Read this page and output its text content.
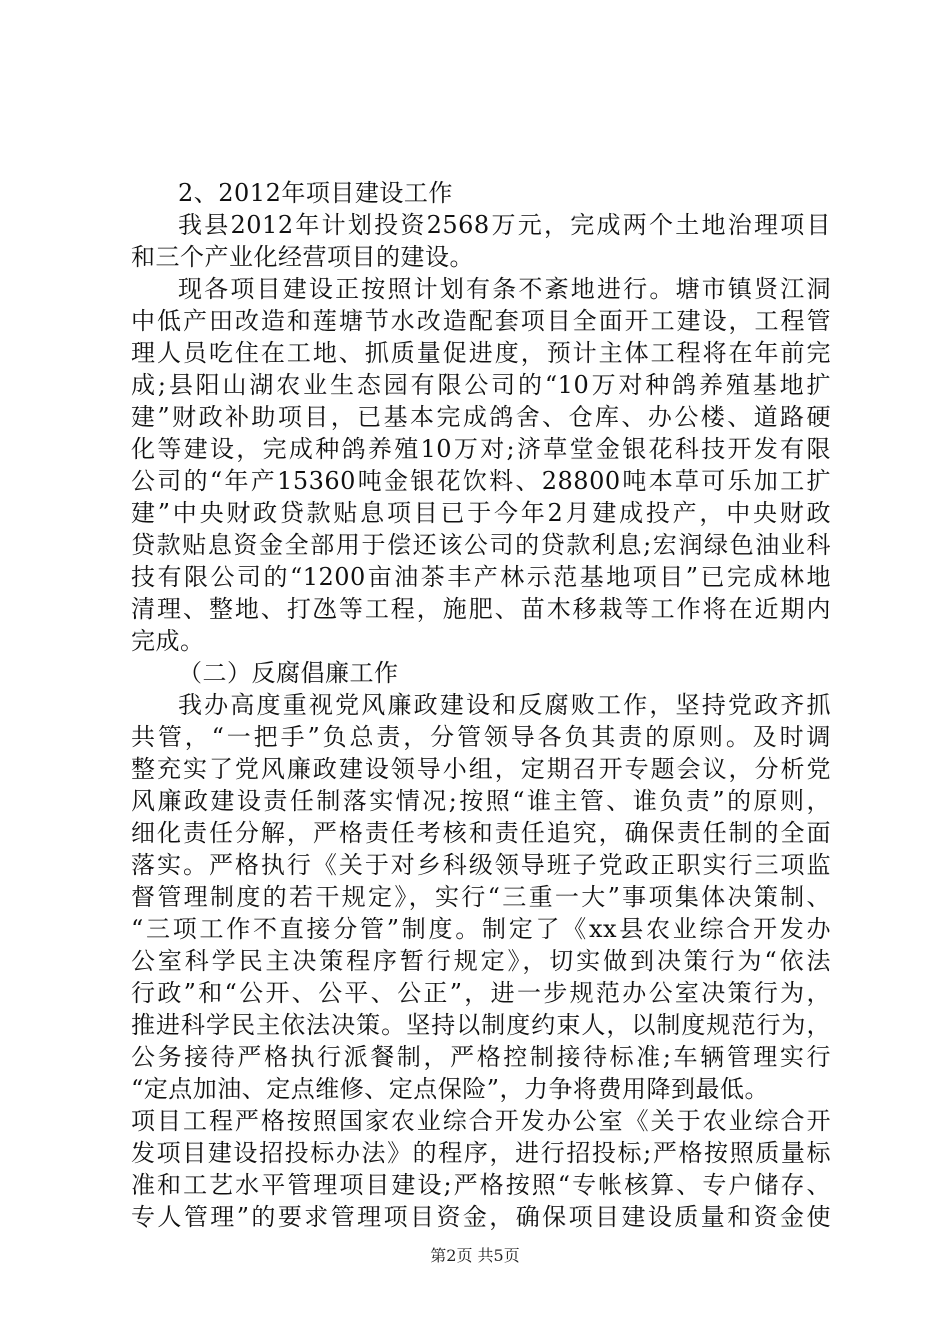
2、2012年项目建设工作
我县2012年计划投资2568万元，完成两个土地治理项目
和三个产业化经营项目的建设。
现各项目建设正按照计划有条不紊地进行。塘市镇贤江洞
中低产田改造和莲塘节水改造配套项目全面开工建设，工程管
理人员吃住在工地、抓质量促进度，预计主体工程将在年前完
成;县阳山湖农业生态园有限公司的“10万对种鸽养殖基地扩
建”财政补助项目，已基本完成鸽舍、仓库、办公楼、道路硬
化等建设，完成种鸽养殖10万对;济草堂金银花科技开发有限
公司的“年产15360吨金银花饮料、28800吨本草可乐加工扩
建”中央财政贷款贴息项目已于今年2月建成投产，中央财政
贷款贴息资金全部用于偿还该公司的贷款利息;宏润绿色油业科
技有限公司的“1200亩油茶丰产林示范基地项目”已完成林地
清理、整地、打氹等工程，施肥、苗木移栽等工作将在近期内
完成。
（二）反腐倡廉工作
我办高度重视党风廉政建设和反腐败工作，坚持党政齐抓
共管，“一把手”负总责，分管领导各负其责的原则。及时调
整充实了党风廉政建设领导小组，定期召开专题会议，分析党
风廉政建设责任制落实情况;按照“谁主管、谁负责”的原则，
细化责任分解，严格责任考核和责任追究，确保责任制的全面
落实。严格执行《关于对乡科级领导班子党政正职实行三项监
督管理制度的若干规定》，实行“三重一大”事项集体决策制、
“三项工作不直接分管”制度。制定了《xx县农业综合开发办
公室科学民主决策程序暂行规定》，切实做到决策行为“依法
行政”和“公开、公平、公正”，进一步规范办公室决策行为，
推进科学民主依法决策。坚持以制度约束人，以制度规范行为，
公务接待严格执行派餐制，严格控制接待标准;车辆管理实行
“定点加油、定点维修、定点保险”，力争将费用降到最低。
项目工程严格按照国家农业综合开发办公室《关于农业综合开
发项目建设招投标办法》的程序，进行招投标;严格按照质量标
准和工艺水平管理项目建设;严格按照“专帐核算、专户储存、
专人管理”的要求管理项目资金，确保项目建设质量和资金使
第2页 共5页
